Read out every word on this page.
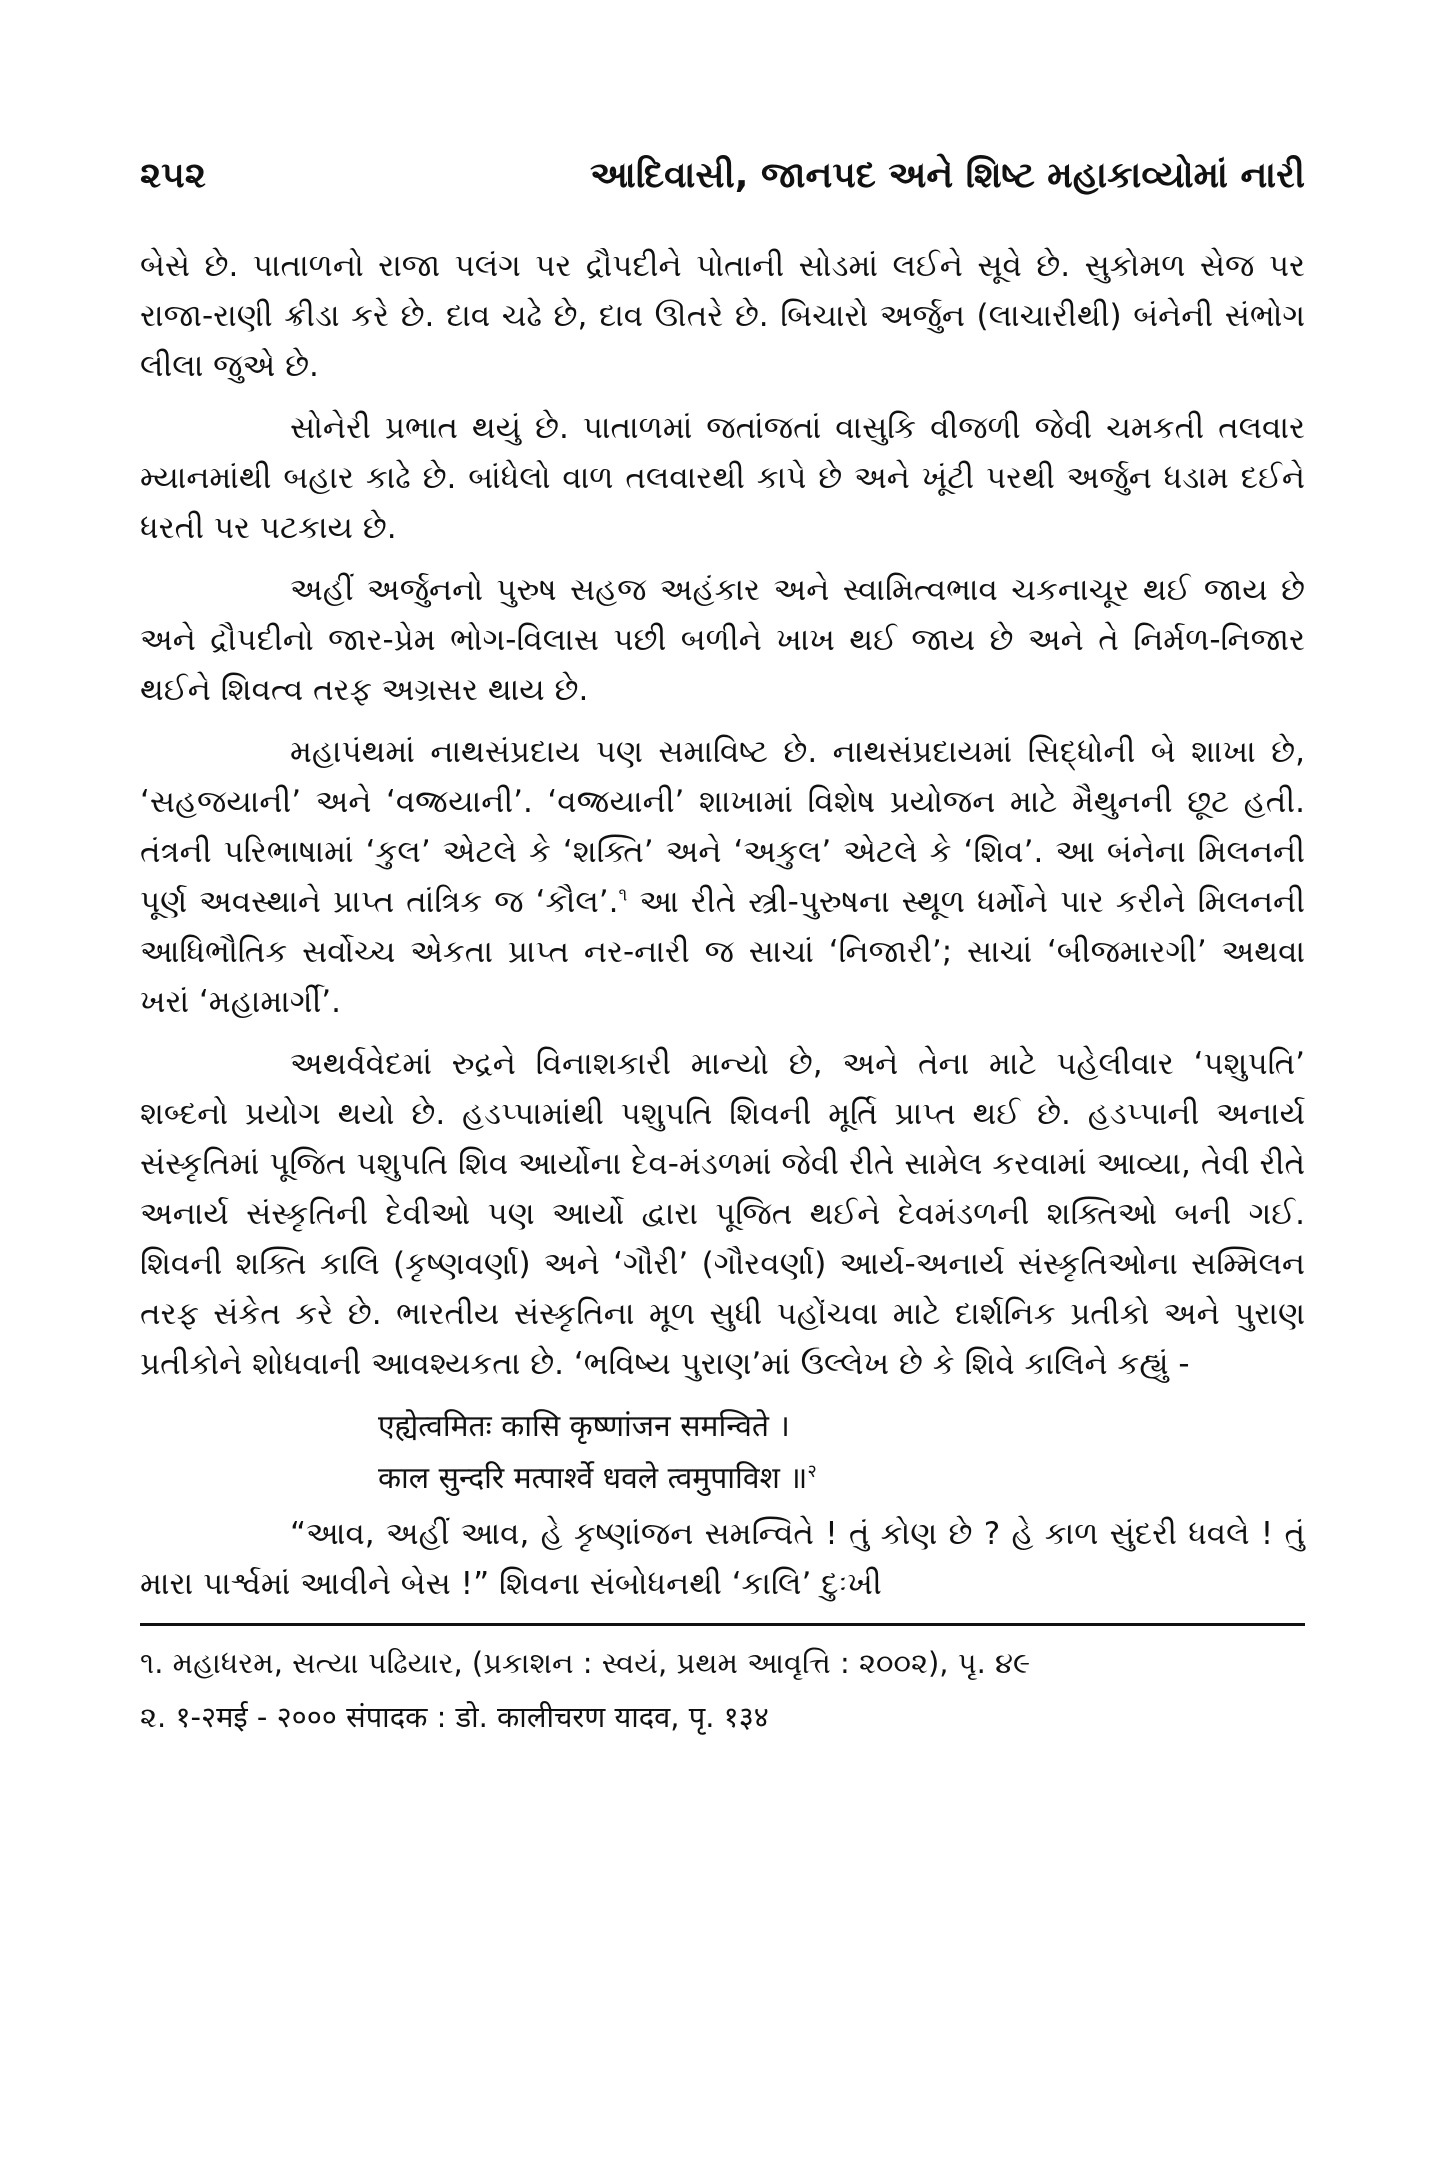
૨૫૨	આદિવાસી, જાનપદ અને શિષ્ટ મહાકાવ્યોમાં નારી

બેસે છે. પાતાળનો રાજા પલંગ પર દ્રૌપદીને પોતાની સોડમાં લઈને સૂવે છે. સુકોમળ સેજ પર રાજા-રાણી ક્રીડા કરે છે. દાવ ચઢે છે, દાવ ઊતરે છે. બિચારો અર્જુન (લાચારીથી) બંનેની સંભોગ લીલા જુએ છે.

સોનેરી પ્રભાત થયું છે. પાતાળમાં જતાંજતાં વાસુકિ વીજળી જેવી ચમકતી તલવાર મ્યાનમાંથી બહાર કાઢે છે. બાંધેલો વાળ તલવારથી કાપે છે અને ખૂંટી પરથી અર્જુન ધડામ દઈને ધરતી પર પટકાય છે.

અહીં અર્જુનનો પુરુષ સહજ અહંકાર અને સ્વામિત્વભાવ ચકનાચૂર થઈ જાય છે અને દ્રૌપદીનો જાર-પ્રેમ ભોગ-વિલાસ પછી બળીને ખાખ થઈ જાય છે અને તે નિર્મળ-નિજાર થઈને શિવત્વ તરફ અગ્રસર થાય છે.

મહાપંથમાં નાથસંપ્રદાય પણ સમાવિષ્ટ છે. નાથસંપ્રદાયમાં સિદ્ધોની બે શાખા છે, ‘સહજયાની’ અને ‘વજ્રયાની’. ‘વજ્રયાની’ શાખામાં વિશેષ પ્રયોજન માટે મૈથુનની છૂટ હતી. તંત્રની પરિભાષામાં ‘કુલ’ એટલે કે ‘શક્તિ’ અને ‘અકુલ’ એટલે કે ‘શિવ’. આ બંનેના મિલનની પૂર્ણ અવસ્થાને પ્રાપ્ત તાંત્રિક જ ‘કૌલ’.$^૧$ આ રીતે સ્ત્રી-પુરુષના સ્થૂળ ધર્મોને પાર કરીને મિલનની આધિભૌતિક સર્વોચ્ચ એકતા પ્રાપ્ત નર-નારી જ સાચાં ‘નિજારી’; સાચાં ‘બીજમારગી’ અથવા ખરાં ‘મહામાર્ગી’.

અથર્વવેદમાં રુદ્રને વિનાશકારી માન્યો છે, અને તેના માટે પહેલીવાર ‘પશુપતિ’ શબ્દનો પ્રયોગ થયો છે. હડપ્પામાંથી પશુપતિ શિવની મૂર્તિ પ્રાપ્ત થઈ છે. હડપ્પાની અનાર્ય સંસ્કૃતિમાં પૂજિત પશુપતિ શિવ આર્યોના દેવ-મંડળમાં જેવી રીતે સામેલ કરવામાં આવ્યા, તેવી રીતે અનાર્ય સંસ્કૃતિની દેવીઓ પણ આર્યો દ્વારા પૂજિત થઈને દેવમંડળની શક્તિઓ બની ગઈ. શિવની શક્તિ કાલિ (કૃષ્ણવર્ણા) અને ‘ગૌરી’ (ગૌરવર્ણા) આર્ય-અનાર્ય સંસ્કૃતિઓના સમ્મિલન તરફ સંકેત કરે છે. ભારતીય સંસ્કૃતિના મૂળ સુધી પહોંચવા માટે દાર્શનિક પ્રતીકો અને પુરાણ પ્રતીકોને શોધવાની આવશ્યકતા છે. ‘ભવિષ્ય પુરાણ’માં ઉલ્લેખ છે કે શિવે કાલિને કહ્યું -

एह्येत्वमितः कासि कृष्णांजन समन्विते ।
काल सुन्दरि मत्पार्श्वे धवले त्वमुपाविश ॥$^२$

“આવ, અહીં આવ, હે કૃષ્ણાંજન સમન્વિતે ! તું કોણ છે ? હે કાળ સુંદરી ધવલે ! તું મારા પાર્શ્વમાં આવીને બેસ !” શિવના સંબોધનથી ‘કાલિ’ દુઃખી

૧. મહાધરમ, સત્યા પઢિયાર, (પ્રકાશન : સ્વયં, પ્રથમ આવૃત્તિ : ૨૦૦૨), પૃ. ૪૯
૨. १-२मई - २००० संपादक : डो. कालीचरण यादव, पृ. १३४
